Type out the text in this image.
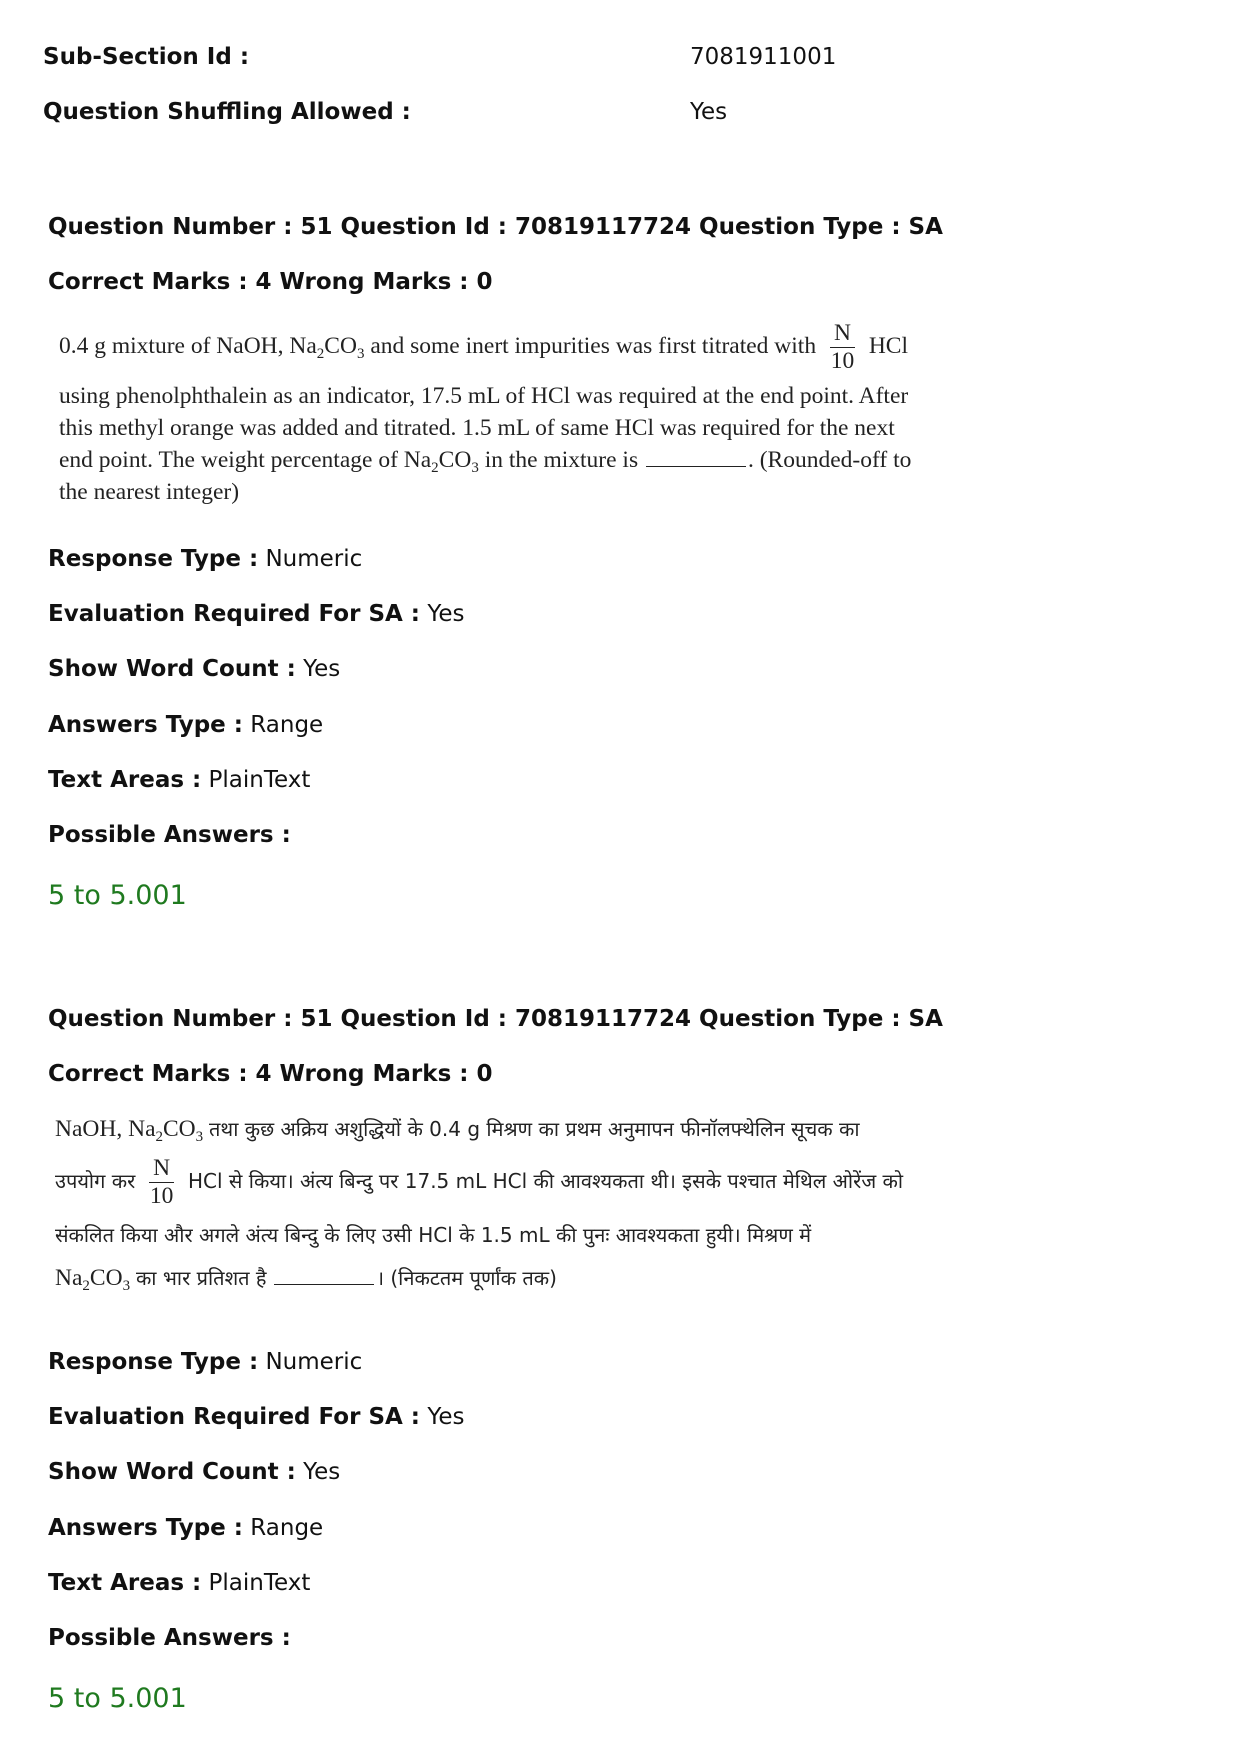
Sub-Section Id :	7081911001
Question Shuffling Allowed :	Yes
Question Number : 51 Question Id : 70819117724 Question Type : SA
Correct Marks : 4 Wrong Marks : 0
0.4 g mixture of NaOH, $Na_2CO_3$ and some inert impurities was first titrated with $\frac{N}{10}$ HCl
using phenolphthalein as an indicator, 17.5 mL of HCl was required at the end point. After
this methyl orange was added and titrated. 1.5 mL of same HCl was required for the next
end point. The weight percentage of $Na_2CO_3$ in the mixture is	. (Rounded-off to
the nearest integer)
Response Type : Numeric
Evaluation Required For SA : Yes
Show Word Count : Yes
Answers Type : Range
Text Areas : PlainText
Possible Answers :
5 to 5.001
Question Number : 51 Question Id : 70819117724 Question Type : SA
Correct Marks : 4 Wrong Marks : 0
NaOH, $Na_2CO_3$ तथा कुछ अक्रिय अशुद्धियों के 0.4 g मिश्रण का प्रथम अनुमापन फीनॉलफ्थेलिन सूचक का
उपयोग कर $\frac{N}{10}$ HCl से किया। अंत्य बिन्दु पर 17.5 mL HCl की आवश्यकता थी। इसके पश्चात मेथिल ओरेंज को
संकलित किया और अगले अंत्य बिन्दु के लिए उसी HCl के 1.5 mL की पुनः आवश्यकता हुयी। मिश्रण में
$Na_2CO_3$ का भार प्रतिशत है	। (निकटतम पूर्णांक तक)
Response Type : Numeric
Evaluation Required For SA : Yes
Show Word Count : Yes
Answers Type : Range
Text Areas : PlainText
Possible Answers :
5 to 5.001
